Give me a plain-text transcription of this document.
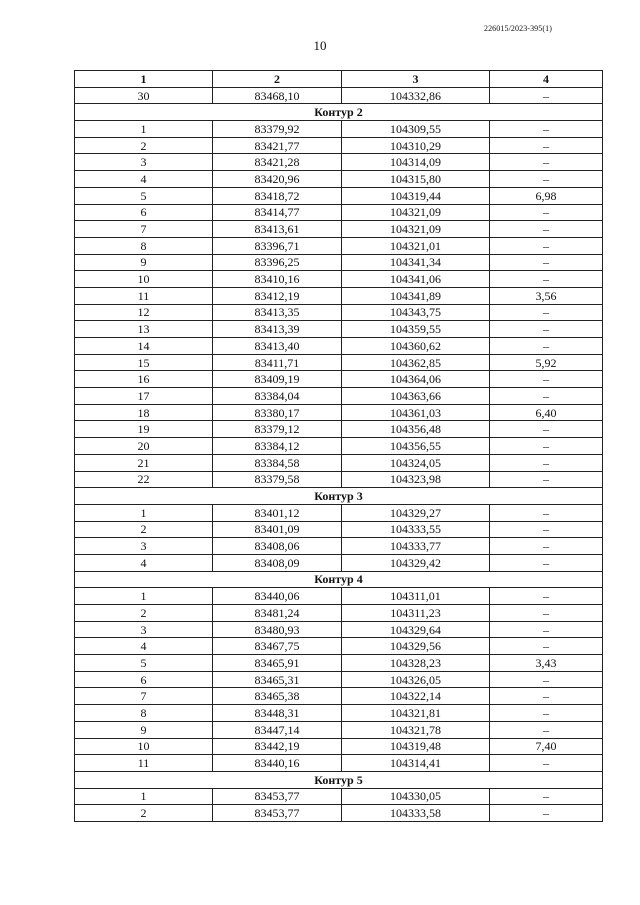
226015/2023-395(1)
10
1	2	3	4
30	83468,10	104332,86	–
Контур 2			
1	83379,92	104309,55	–
2	83421,77	104310,29	–
3	83421,28	104314,09	–
4	83420,96	104315,80	–
5	83418,72	104319,44	6,98
6	83414,77	104321,09	–
7	83413,61	104321,09	–
8	83396,71	104321,01	–
9	83396,25	104341,34	–
10	83410,16	104341,06	–
11	83412,19	104341,89	3,56
12	83413,35	104343,75	–
13	83413,39	104359,55	–
14	83413,40	104360,62	–
15	83411,71	104362,85	5,92
16	83409,19	104364,06	–
17	83384,04	104363,66	–
18	83380,17	104361,03	6,40
19	83379,12	104356,48	–
20	83384,12	104356,55	–
21	83384,58	104324,05	–
22	83379,58	104323,98	–
Контур 3			
1	83401,12	104329,27	–
2	83401,09	104333,55	–
3	83408,06	104333,77	–
4	83408,09	104329,42	–
Контур 4			
1	83440,06	104311,01	–
2	83481,24	104311,23	–
3	83480,93	104329,64	–
4	83467,75	104329,56	–
5	83465,91	104328,23	3,43
6	83465,31	104326,05	–
7	83465,38	104322,14	–
8	83448,31	104321,81	–
9	83447,14	104321,78	–
10	83442,19	104319,48	7,40
11	83440,16	104314,41	–
Контур 5			
1	83453,77	104330,05	–
2	83453,77	104333,58	–
